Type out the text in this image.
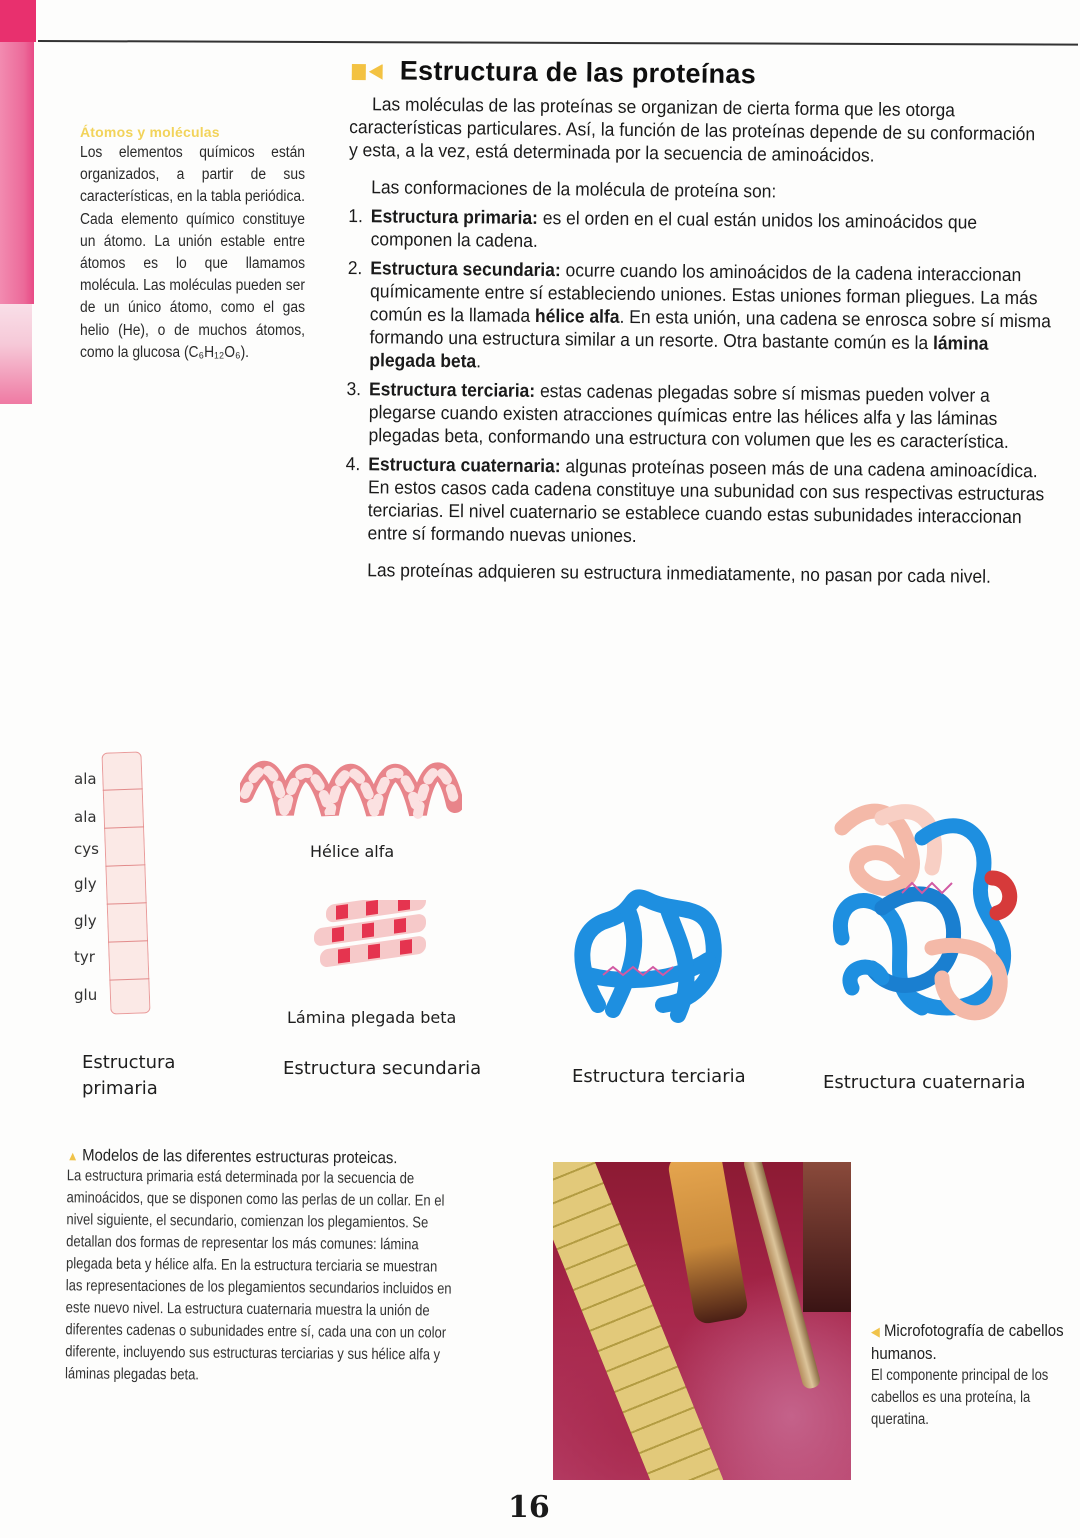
Átomos y moléculas
Los elementos químicos están organizados, a partir de sus características, en la tabla periódica. Cada elemento químico constituye un átomo. La unión estable entre átomos es lo que llamamos molécula. Las moléculas pueden ser de un único átomo, como el gas helio (He), o de muchos átomos, como la glucosa (C₆H₁₂O₆).
Estructura de las proteínas

Las moléculas de las proteínas se organizan de cierta forma que les otorga características particulares. Así, la función de las proteínas depende de su conformación y esta, a la vez, está determinada por la secuencia de aminoácidos.

Las conformaciones de la molécula de proteína son:

1. Estructura primaria: es el orden en el cual están unidos los aminoácidos que componen la cadena.
2. Estructura secundaria: ocurre cuando los aminoácidos de la cadena interaccionan químicamente entre sí estableciendo uniones. Estas uniones forman pliegues. La más común es la llamada hélice alfa. En esta unión, una cadena se enrosca sobre sí misma formando una estructura similar a un resorte. Otra bastante común es la lámina plegada beta.
3. Estructura terciaria: estas cadenas plegadas sobre sí mismas pueden volver a plegarse cuando existen atracciones químicas entre las hélices alfa y las láminas plegadas beta, conformando una estructura con volumen que les es característica.
4. Estructura cuaternaria: algunas proteínas poseen más de una cadena aminoacídica. En estos casos cada cadena constituye una subunidad con sus respectivas estructuras terciarias. El nivel cuaternario se establece cuando estas subunidades interaccionan entre sí formando nuevas uniones.

Las proteínas adquieren su estructura inmediatamente, no pasan por cada nivel.

ala
ala
cys
gly
gly
tyr
glu
Hélice alfa
Lámina plegada beta
Estructura
primaria
Estructura secundaria	Estructura terciaria	Estructura cuaternaria
▲ Modelos de las diferentes estructuras proteicas.
La estructura primaria está determinada por la secuencia de aminoácidos, que se disponen como las perlas de un collar. En el nivel siguiente, el secundario, comienzan los plegamientos. Se detallan dos formas de representar los más comunes: lámina plegada beta y hélice alfa. En la estructura terciaria se muestran las representaciones de los plegamientos secundarios incluidos en este nuevo nivel. La estructura cuaternaria muestra la unión de diferentes cadenas o subunidades entre sí, cada una con un color diferente, incluyendo sus estructuras terciarias y sus hélice alfa y láminas plegadas beta.
◀ Microfotografía de cabellos humanos.
El componente principal de los cabellos es una proteína, la queratina.
16
